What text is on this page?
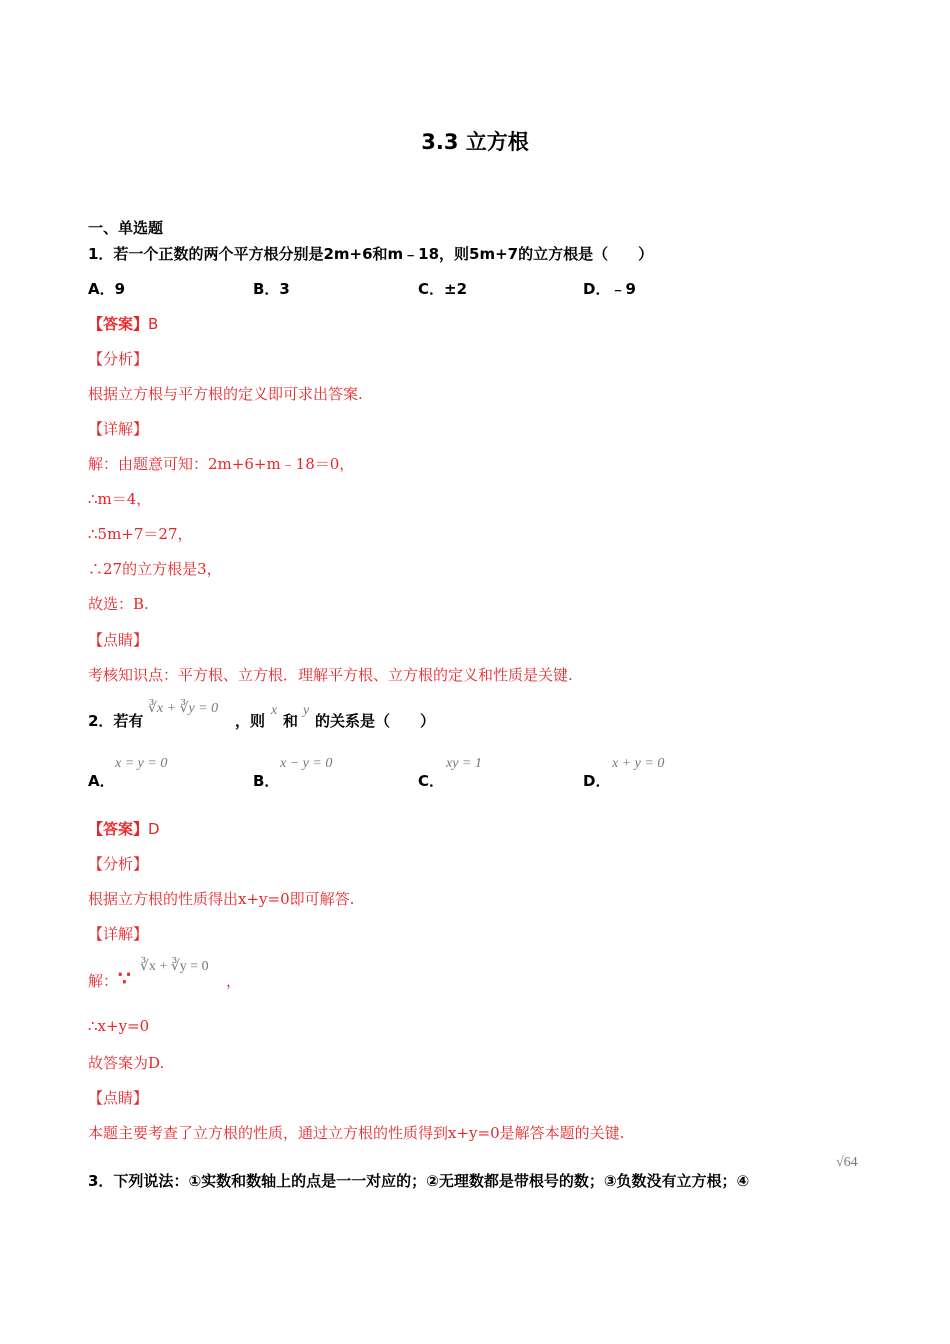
3.3 立方根
一、单选题
1．若一个正数的两个平方根分别是2m+6和m﹣18，则5m+7的立方根是（　　）
A．9	B．3	C．±2	D．﹣9
【答案】B
【分析】
根据立方根与平方根的定义即可求出答案.
【详解】
解：由题意可知：2m+6+m﹣18＝0，
∴m＝4，
∴5m+7＝27，
∴27的立方根是3，
故选：B.
【点睛】
考核知识点：平方根、立方根．理解平方根、立方根的定义和性质是关键.
2．若有
∛x + ∛y = 0
，则
x
和
y
的关系是（　　）
A．
x = y = 0
B．
x − y = 0
C．
xy = 1
D．
x + y = 0
【答案】D
【分析】
根据立方根的性质得出x+y=0即可解答.
【详解】
解： ∵ ∛x + ∛y = 0
，
∴x+y=0
故答案为D.
【点睛】
本题主要考查了立方根的性质，通过立方根的性质得到x+y=0是解答本题的关键.
3．下列说法：①实数和数轴上的点是一一对应的；②无理数都是带根号的数；③负数没有立方根；④
√64
